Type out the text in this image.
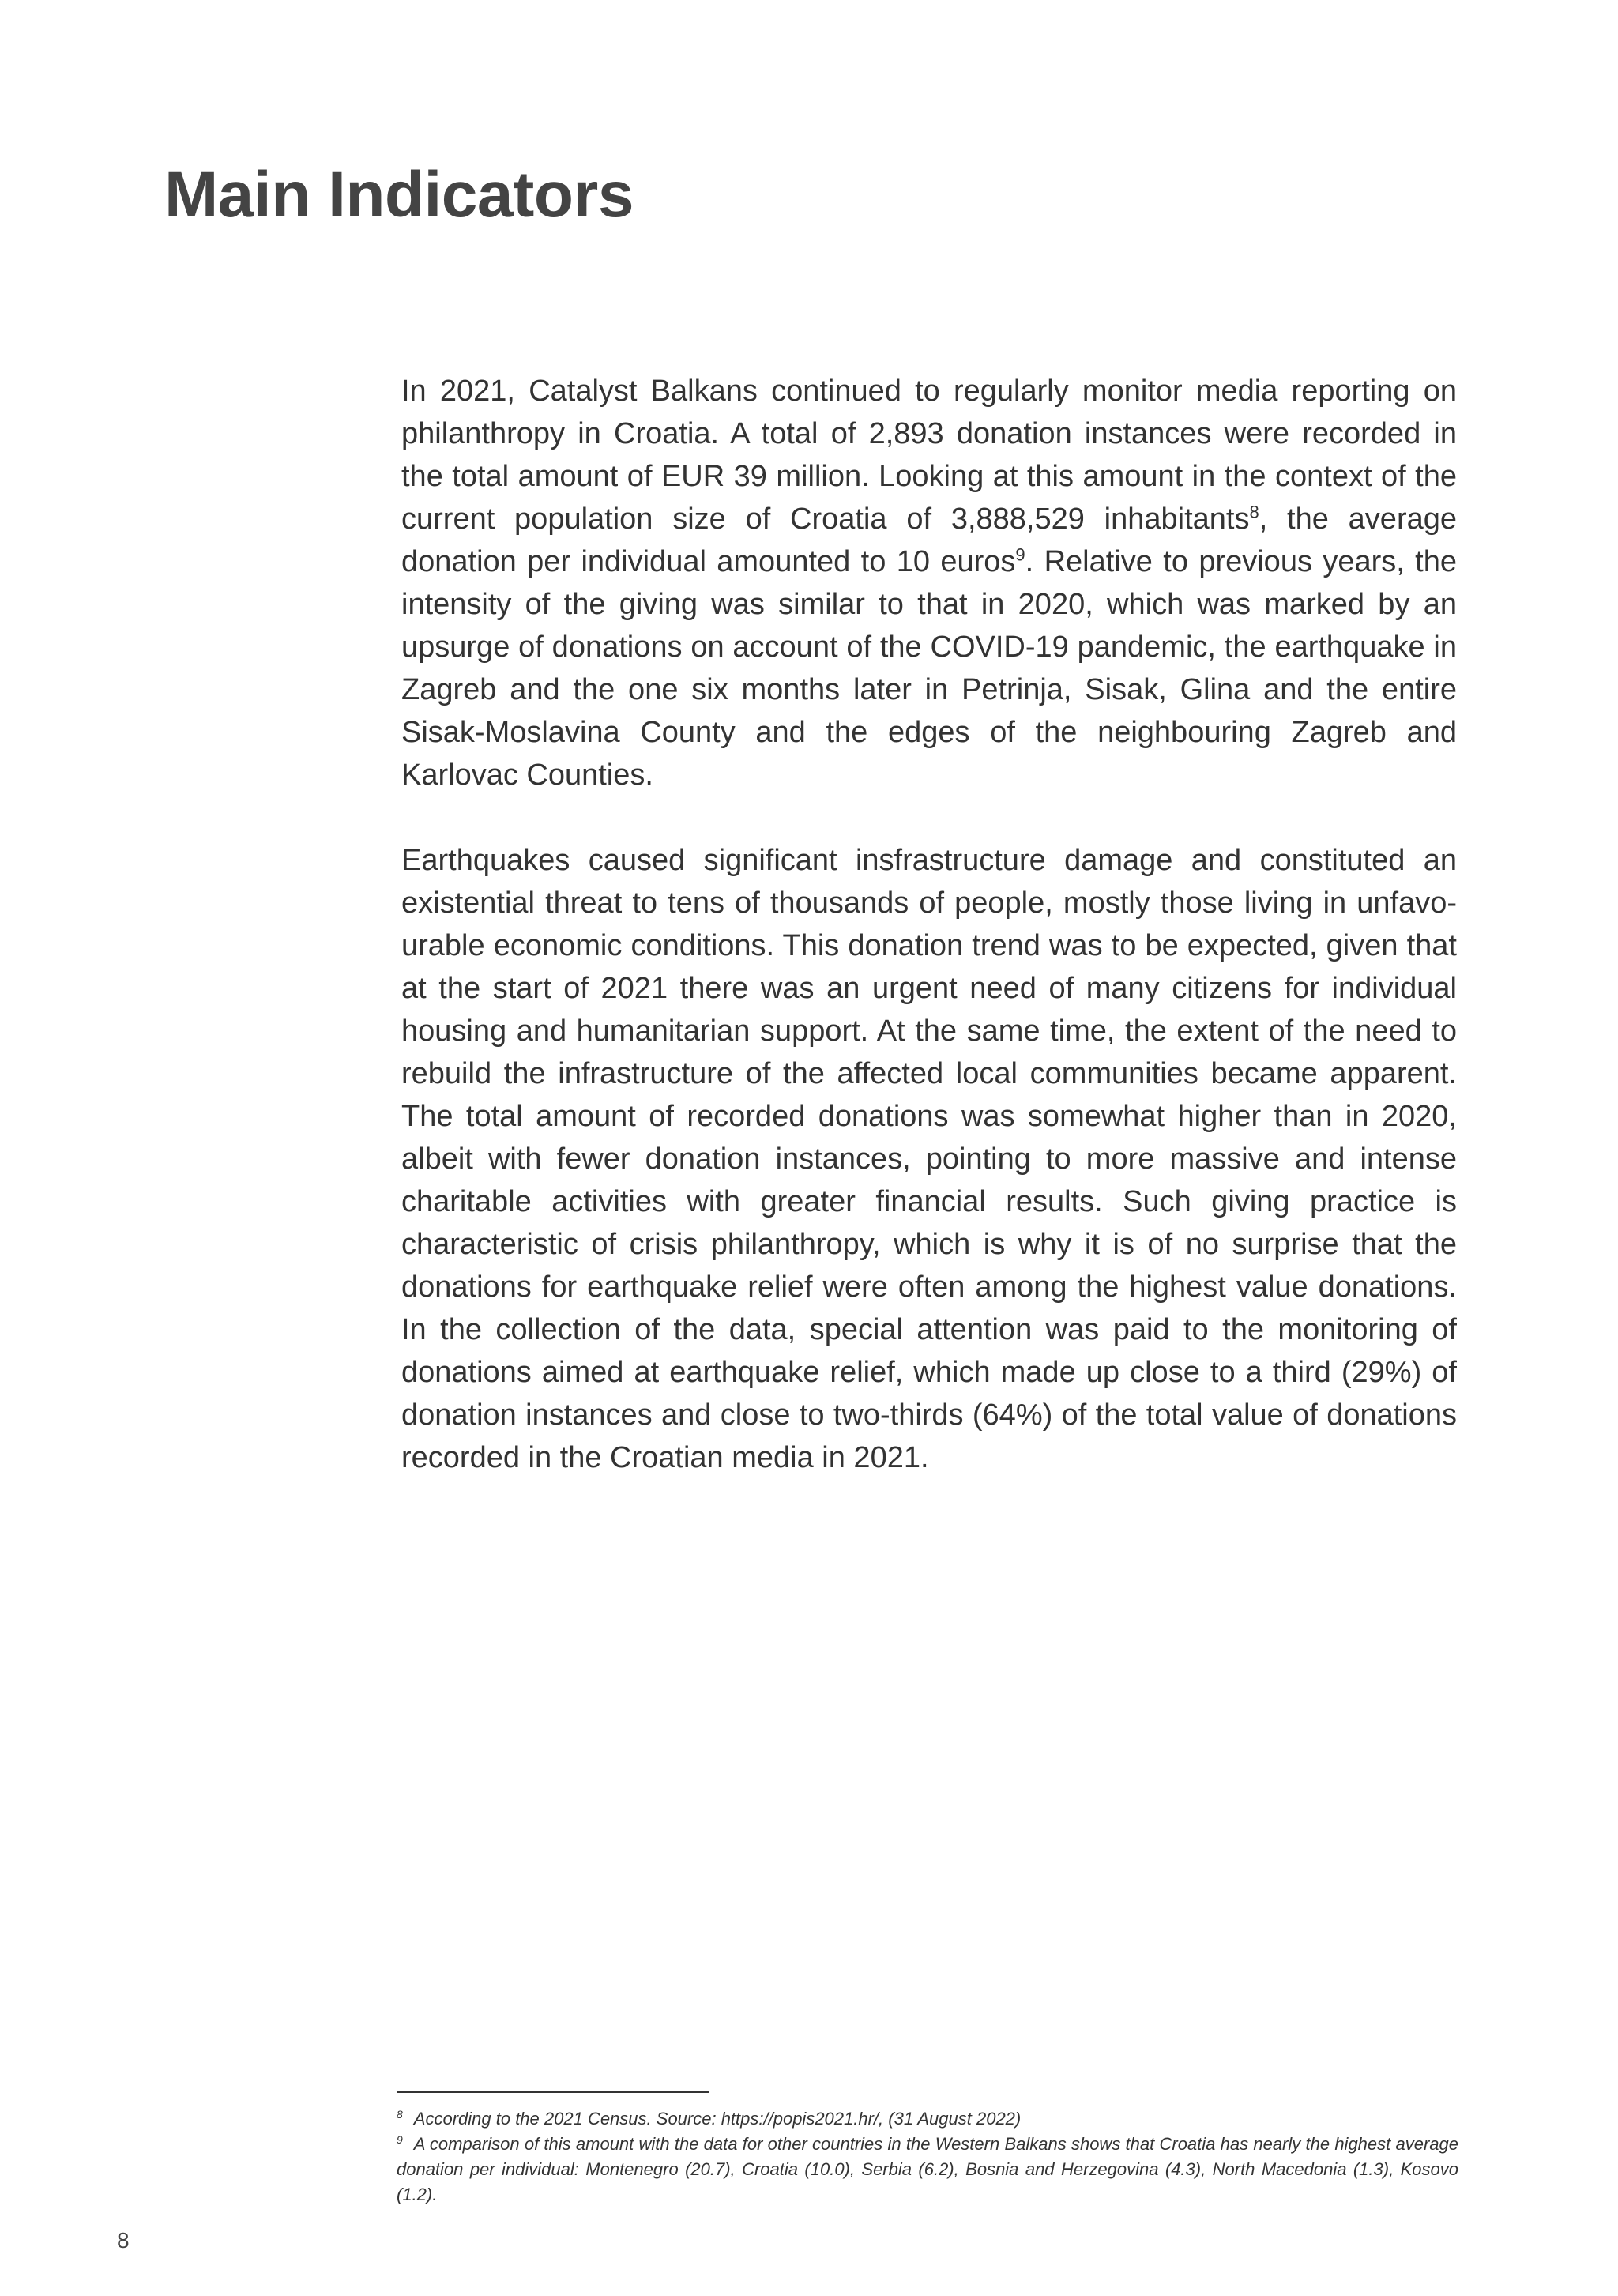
Main Indicators

In 2021, Catalyst Balkans continued to regularly monitor media reporting on philanthropy in Croatia. A total of 2,893 donation instances were recorded in the total amount of EUR 39 million. Looking at this amount in the context of the current population size of Croatia of 3,888,529 inhabitants$^8$, the average donation per individual amounted to 10 euros$^9$. Relative to previous years, the intensity of the giving was similar to that in 2020, which was marked by an upsurge of donations on account of the COVID-19 pandemic, the earthquake in Zagreb and the one six months later in Petrinja, Sisak, Glina and the entire Sisak-Moslavina County and the edges of the neighbouring Zagreb and Karlovac Counties.

Earthquakes caused significant insfrastructure damage and constituted an existential threat to tens of thousands of people, mostly those living in unfavo-urable economic conditions. This donation trend was to be expected, given that at the start of 2021 there was an urgent need of many citizens for individual housing and humanitarian support. At the same time, the extent of the need to rebuild the infrastructure of the affected local communities became apparent. The total amount of recorded donations was somewhat higher than in 2020, albeit with fewer donation instances, pointing to more massive and intense charitable activities with greater financial results. Such giving practice is characteristic of crisis philanthropy, which is why it is of no surprise that the donations for earthquake relief were often among the highest value donations. In the collection of the data, special attention was paid to the monitoring of donations aimed at earthquake relief, which made up close to a third (29%) of donation instances and close to two-thirds (64%) of the total value of donations recorded in the Croatian media in 2021.

$^8$ According to the 2021 Census. Source: https://popis2021.hr/, (31 August 2022)

$^9$ A comparison of this amount with the data for other countries in the Western Balkans shows that Croatia has nearly the highest average donation per individual: Montenegro (20.7), Croatia (10.0), Serbia (6.2), Bosnia and Herzegovina (4.3), North Macedonia (1.3), Kosovo (1.2).

8
